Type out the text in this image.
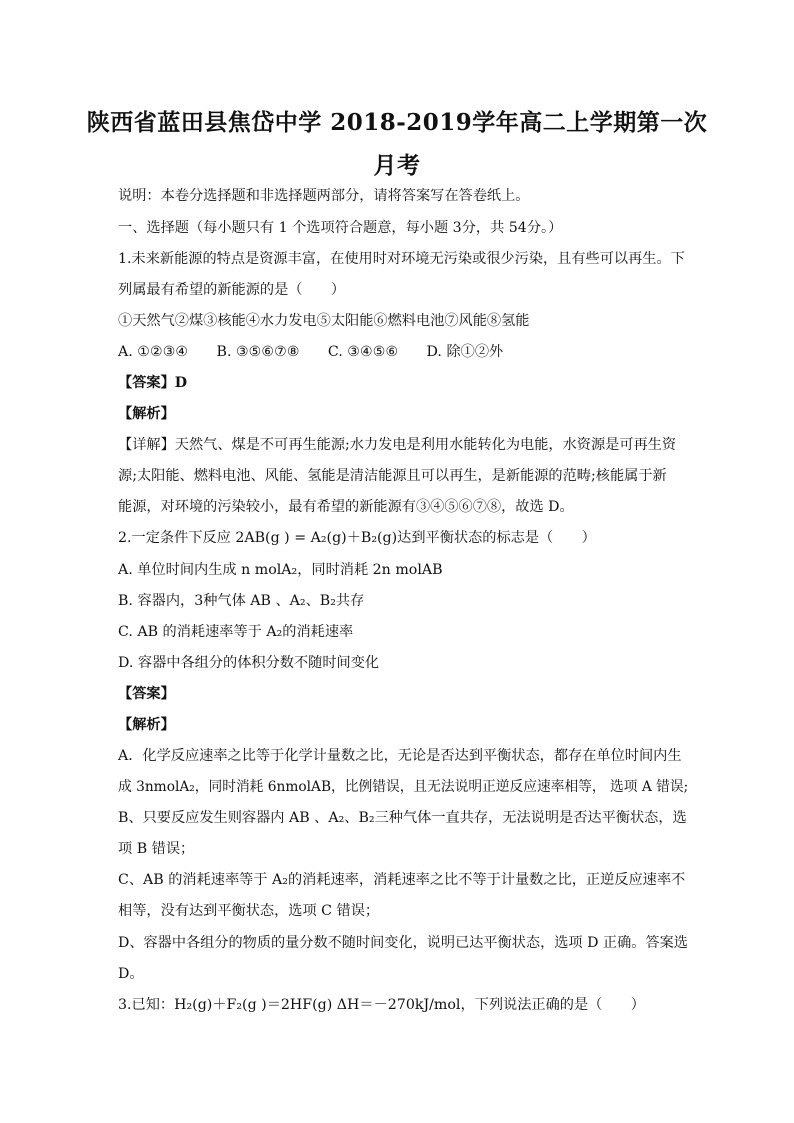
陕西省蓝田县焦岱中学 2018-2019学年高二上学期第一次
月考
说明：本卷分选择题和非选择题两部分，请将答案写在答卷纸上。
一、选择题（每小题只有 1 个选项符合题意，每小题 3分，共 54分。）
1.未来新能源的特点是资源丰富，在使用时对环境无污染或很少污染，且有些可以再生。下
列属最有希望的新能源的是（　　）
①天然气②煤③核能④水力发电⑤太阳能⑥燃料电池⑦风能⑧氢能
A. ①②③④　　B. ③⑤⑥⑦⑧　　C. ③④⑤⑥　　D. 除①②外
【答案】D
【解析】
【详解】天然气、煤是不可再生能源;水力发电是利用水能转化为电能，水资源是可再生资
源;太阳能、燃料电池、风能、氢能是清洁能源且可以再生，是新能源的范畴;核能属于新
能源，对环境的污染较小，最有希望的新能源有③④⑤⑥⑦⑧，故选 D。
2.一定条件下反应 2AB(g ) = A₂(g)＋B₂(g)达到平衡状态的标志是（　　）
A. 单位时间内生成 n molA₂，同时消耗 2n molAB
B. 容器内，3种气体 AB 、A₂、B₂共存
C. AB 的消耗速率等于 A₂的消耗速率
D. 容器中各组分的体积分数不随时间变化
【答案】
【解析】
A．化学反应速率之比等于化学计量数之比，无论是否达到平衡状态，都存在单位时间内生
成 3nmolA₂，同时消耗 6nmolAB，比例错误，且无法说明正逆反应速率相等， 选项 A 错误;
B、只要反应发生则容器内 AB 、A₂、B₂三种气体一直共存，无法说明是否达平衡状态，选
项 B 错误；
C、AB 的消耗速率等于 A₂的消耗速率，消耗速率之比不等于计量数之比，正逆反应速率不
相等，没有达到平衡状态，选项 C 错误；
D、容器中各组分的物质的量分数不随时间变化，说明已达平衡状态，选项 D 正确。答案选
D。
3.已知：H₂(g)＋F₂(g )＝2HF(g) ΔH＝－270kJ/mol，下列说法正确的是（　　）
